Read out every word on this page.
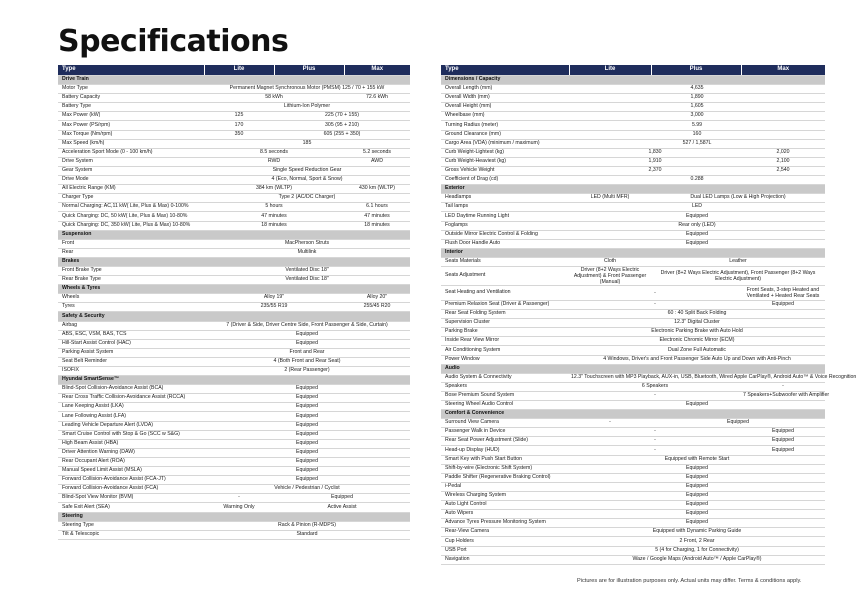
Specifications
Type	Lite	Plus	Max
Drive Train			
Motor Type	Permanent Magnet Synchronous Motor (PMSM) 125 / 70 + 155 kW		
Battery Capacity	58 kWh		72.6 kWh
Battery Type	Lithium-Ion Polymer		
Max Power (kW)	125	225 (70 + 155)	
Max Power (PS/rpm)	170	305 (95 + 210)	
Max Torque (Nm/rpm)	350	605 (255 + 350)	
Max Speed (km/h)	185		
Acceleration Sport Mode (0 - 100 km/h)	8.5 seconds		5.2 seconds
Drive System	RWD		AWD
Gear System	Single Speed Reduction Gear		
Drive Mode	4 (Eco, Normal, Sport & Snow)		
All Electric Range (KM)	384 km (WLTP)		430 km (WLTP)
Charger Type	Type 2 (AC/DC Charger)		
Normal Charging: AC,11 kW( Lite, Plus & Max) 0-100%	5 hours		6.1 hours
Quick Charging: DC, 50 kW( Lite, Plus & Max) 10-80%	47 minutes		47 minutes
Quick Charging: DC, 350 kW( Lite, Plus & Max) 10-80%	18 minutes		18 minutes
Suspension			
Front	MacPherson Struts		
Rear	Multilink		
Brakes			
Front Brake Type	Ventilated Disc 18"		
Rear Brake Type	Ventilated Disc 18"		
Wheels & Tyres			
Wheels	Alloy 19"		Alloy 20"
Tyres	235/55 R19		255/45 R20
Safety & Security			
Airbag	7 (Driver & Side, Driver Centre Side, Front Passenger & Side, Curtain)		
ABS, ESC, VSM, BAS, TCS	Equipped		
Hill-Start Assist Control (HAC)	Equipped		
Parking Assist System	Front and Rear		
Seat Belt Reminder	4 (Both Front and Rear Seat)		
ISOFIX	2 (Rear Passenger)		
Hyundai SmartSense™			
Blind-Spot Collision-Avoidance Assist (BCA)	Equipped		
Rear Cross Traffic Collision-Avoidance Assist (RCCA)	Equipped		
Lane Keeping Assist (LKA)	Equipped		
Lane Following Assist (LFA)	Equipped		
Leading Vehicle Departure Alert (LVDA)	Equipped		
Smart Cruise Control with Stop & Go (SCC w S&G)	Equipped		
High Beam Assist (HBA)	Equipped		
Driver Attention Warning (DAW)	Equipped		
Rear Occupant Alert (ROA)	Equipped		
Manual Speed Limit Assist (MSLA)	Equipped		
Forward Collision-Avoidance Assist (FCA-JT)	Equipped		
Forward Collision-Avoidance Assist (FCA)	Vehicle / Pedestrian / Cyclist		
Blind-Spot View Monitor (BVM)	-	Equipped	
Safe Exit Alert (SEA)	Warning Only	Active Assist	
Steering			
Steering Type	Rack & Pinion (R-MDPS)		
Tilt & Telescopic	Standard		
Type	Lite	Plus	Max
Dimensions / Capacity			
Overall Length (mm)	4,635		
Overall Width (mm)	1,890		
Overall Height (mm)	1,605		
Wheelbase (mm)	3,000		
Turning Radius (meter)	5.99		
Ground Clearance (mm)	160		
Cargo Area (VDA) (minimum / maximum)	527 / 1,587L		
Curb Weight-Lightest (kg)	1,830		2,020
Curb Weight-Heaviest (kg)	1,910		2,100
Gross Vehicle Weight	2,370		2,540
Coefficient of Drag (cd)	0.288		
Exterior			
Headlamps	LED (Multi MFR)	Dual LED Lamps (Low & High Projection)	
Tail lamps	LED		
LED Daytime Running Light	Equipped		
Foglamps	Rear only (LED)		
Outside Mirror Electric Control & Folding	Equipped		
Flush Door Handle Auto	Equipped		
Interior			
Seats Materials	Cloth	Leather	
Seats Adjustment	Driver (8+2 Ways Electric Adjustment) & Front Passenger (Manual)	Driver (8+2 Ways Electric Adjustment), Front Passenger (8+2 Ways Electric Adjustment)	
Seat Heating and Ventilation	-		Front Seats, 3-step Heated and Ventilated + Heated Rear Seats
Premium Relaxion Seat (Driver & Passenger)	-		Equipped
Rear Seat Folding System	60 : 40 Split Back Folding		
Supervision Cluster	12.3" Digital Cluster		
Parking Brake	Electronic Parking Brake with Auto Hold		
Inside Rear View Mirror	Electronic Chromic Mirror (ECM)		
Air Conditioning System	Dual Zone Full Automatic		
Power Window	4 Windows, Driver's and Front Passenger Side Auto Up and Down with Anti-Pinch		
Audio			
Audio System & Connectivity	12.3" Touchscreen with MP3 Playback, AUX-in, USB, Bluetooth, Wired Apple CarPlay®, Android Auto™ & Voice Recognition		
Speakers	6 Speakers		-
Bose Premium Sound System	-		7 Speakers+Subwoofer with Amplifier
Steering Wheel Audio Control	Equipped		
Comfort & Convenience			
Surround View Camera	-	Equipped	
Passenger Walk in Device	-		Equipped
Rear Seat Power Adjustment (Slide)	-		Equipped
Head-up Display (HUD)	-		Equipped
Smart Key with Push Start Button	Equipped with Remote Start		
Shift-by-wire (Electronic Shift System)	Equipped		
Paddle Shifter (Regenerative Braking Control)	Equipped		
i-Pedal	Equipped		
Wireless Charging System	Equipped		
Auto Light Control	Equipped		
Auto Wipers	Equipped		
Advance Tyres Pressure Monitoring System	Equipped		
Rear-View Camera	Equipped with Dynamic Parking Guide		
Cup Holders	2 Front, 2 Rear		
USB Port	5 (4 for Charging, 1 for Connectivity)		
Navigation	Waze / Google Maps (Android Auto™ / Apple CarPlay®)		

Pictures are for illustration purposes only. Actual units may differ. Terms & conditions apply.
